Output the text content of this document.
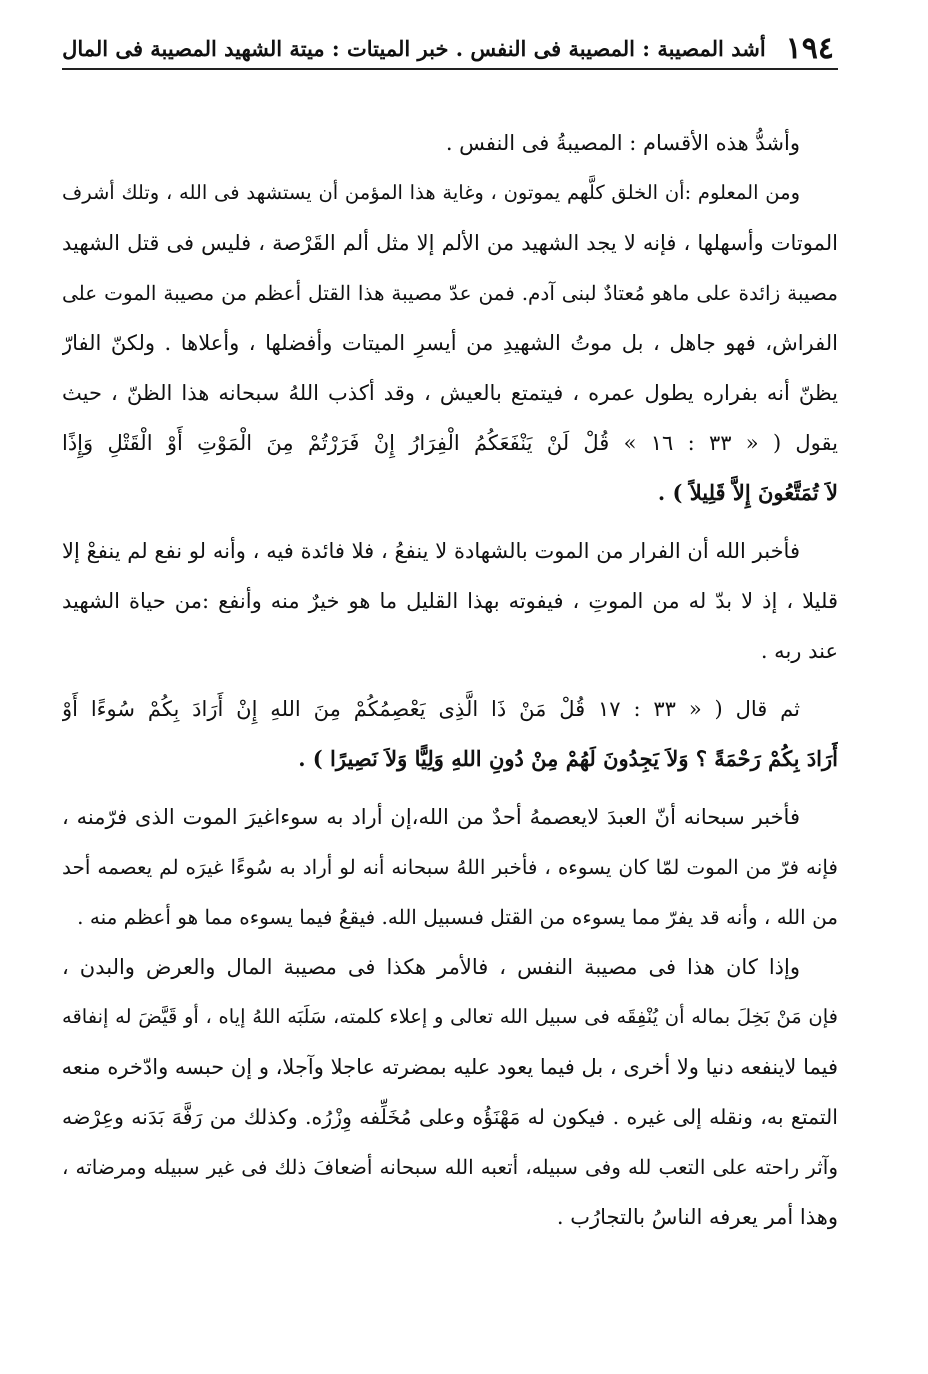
١٩٤
أشد المصيبة : المصيبة فى النفس . خبر الميتات : ميتة الشهيد المصيبة فى المال
وأشدُّ هذه الأقسام : المصيبةُ فى النفس .
ومن المعلوم :أن الخلق كلَّهم يموتون ، وغاية هذا المؤمن أن يستشهد فى الله ، وتلك أشرف
الموتات وأسهلها ، فإنه لا يجد الشهيد من الألم إلا مثل ألم القَرْصة ، فليس فى قتل الشهيد
مصيبة زائدة على ماهو مُعتادٌ لبنى آدم. فمن عدّ مصيبة هذا القتل أعظم من مصيبة الموت على
الفراش، فهو جاهل ، بل موتُ الشهيدِ من أيسرِ الميتات وأفضلها ، وأعلاها . ولكنّ الفارّ
يظنّ أنه بفراره يطول عمره ، فيتمتع بالعيش ، وقد أكذب اللهُ سبحانه هذا الظنّ ، حيث
يقول ( « ٣٣ : ١٦ » قُلْ لَنْ يَنْفَعَكُمُ الْفِرَارُ إِنْ فَرَرْتُمْ مِنَ الْمَوْتِ أَوْ الْقَتْلِ وَإِذًا
لاَ تُمَتَّعُونَ إِلاَّ قَلِيلاً ) .
فأخبر الله أن الفرار من الموت بالشهادة لا ينفعُ ، فلا فائدة فيه ، وأنه لو نفع لم ينفعْ إلا
قليلا ، إذ لا بدّ له من الموتِ ، فيفوته بهذا القليل ما هو خيرٌ منه وأنفع :من حياة الشهيد
عند ربه .
ثم قال ( « ٣٣ : ١٧ قُلْ مَنْ ذَا الَّذِى يَعْصِمُكُمْ مِنَ اللهِ إِنْ أَرَادَ بِكُمْ سُوءًا أَوْ
أَرَادَ بِكُمْ رَحْمَةً ؟ وَلاَ يَجِدُونَ لَهُمْ مِنْ دُونِ اللهِ وَلِيًّا وَلاَ نَصِيرًا ) .
فأخبر سبحانه أنّ العبدَ لايعصمهُ أحدٌ من الله،إن أراد به سوءاغيرَ الموت الذى فرّمنه ،
فإنه فرّ من الموت لمّا كان يسوءه ، فأخبر اللهُ سبحانه أنه لو أراد به سُوءًا غيرَه لم يعصمه أحد
من الله ، وأنه قد يفرّ مما يسوءه من القتل فىسبيل الله. فيقعُ فيما يسوءه مما هو أعظم منه .
وإذا كان هذا فى مصيبة النفس ، فالأمر هكذا فى مصيبة المال والعرض والبدن ،
فإن مَنْ بَخِلَ بماله أن يُنْفِقَه فى سبيل الله تعالى و إعلاء كلمته، سَلَبَه اللهُ إياه ، أو قَيَّضَ له إنفاقه
فيما لاينفعه دنيا ولا أخرى ، بل فيما يعود عليه بمضرته عاجلا وآجلا، و إن حبسه وادّخره منعه
التمتع به، ونقله إلى غيره . فيكون له مَهْنَؤُه وعلى مُخَلِّفه وِزْرُه. وكذلك من رَفَّهَ بَدَنه وعِرْضه
وآثر راحته على التعب لله وفى سبيله، أتعبه الله سبحانه أضعافَ ذلك فى غير سبيله ومرضاته ،
وهذا أمر يعرفه الناسُ بالتجارُب .
